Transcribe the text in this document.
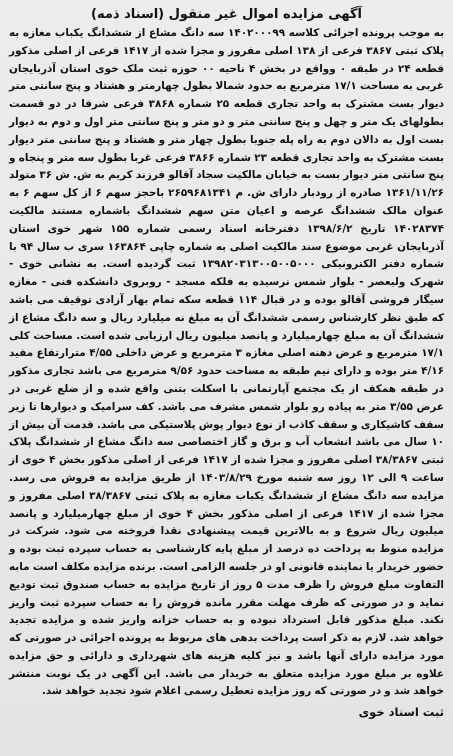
آگهی مزایده اموال غیر منقول (اسناد ذمه)

به موجب پرونده اجرائی کلاسه ۱۴۰۲۰۰۰۹۹ سه دانگ مشاع از ششدانگ یکباب مغازه به پلاک ثبتی ۳۸۶۷ فرعی از ۱۳۸ اصلی مفروز و مجزا شده از ۱۴۱۷ فرعی از اصلی مذکور قطعه ۲۴ در طبقه ۰ وواقع در بخش ۴ ناحیه ۰۰ حوزه ثبت ملک خوی استان آذربایجان غربی به مساحت ۱۷/۱ مترمربع به حدود شمالا بطول چهارمتر و هشتاد و پنج سانتی متر دیوار بست مشترک به واحد تجاری قطعه ۲۵ شماره ۳۸۶۸ فرعی شرقا در دو قسمت بطولهای یک متر و چهل و پنج سانتی متر و دو متر و پنج سانتی متر اول و دوم به دیوار بست اول به دالان دوم به راه پله جنوبا بطول چهار متر و هشتاد و پنج سانتی متر دیوار بست مشترک به واحد تجاری قطعه ۲۳ شماره ۳۸۶۶ فرعی غربا بطول سه متر و پنجاه و پنج سانتی متر دیوار بست به خیابان مالکیت سجاد آقالو فرزند کریم به ش. ش ۳۶ متولد ۱۳۶۱/۱۱/۲۶ صادره از رودبار دارای ش. م ۲۶۵۹۶۸۱۳۴۱ باحجز سهم ۶ از کل سهم ۶ به عنوان مالک ششدانگ عرصه و اعیان متن سهم ششدانگ باشماره مستند مالکیت ۱۴۰۲۸۳۷۴ تاریخ ۱۳۹۸/۶/۲ دفترخانه اسناد رسمی شماره ۱۵۵ شهر خوی استان آذربایجان غربی موضوع سند مالکیت اصلی به شماره چاپی ۱۶۳۸۶۴ سری ب سال ۹۴ با شماره دفتر الکترونیکی ۱۳۹۸۲۰۳۱۳۰۰۵۰۰۵۰۰۰ ثبت گردیده است. به نشانی خوی - شهرک ولیعصر - بلوار شمس نرسیده به فلکه مسجد - روبروی دانشکده فنی - مغازه سیگار فروشی آقالو بوده و در قبال ۱۱۴ قطعه سکه تمام بهار آزادی توقیف می باشد که طبق نظر کارشناس رسمی ششدانگ آن به مبلغ نه میلیارد ریال و سه دانگ مشاع از ششدانگ آن به مبلغ چهارمیلیارد و پانصد میلیون ریال ارزیابی شده است. مساحت کلی ۱۷/۱ مترمربع و عرض دهنه اصلی مغازه ۳ مترمربع و عرض داخلی ۴/۵۵ مترارتفاع مفید ۴/۱۶ متر بوده و دارای نیم طبقه به مساحت حدود ۹/۵۶ مترمربع می باشد تجاری مذکور در طبقه همکف از یک مجتمع آپارتمانی با اسکلت بتنی واقع شده و از ضلع غربی در عرض ۳/۵۵ متر به پیاده رو بلوار شمس مشرف می باشد. کف سرامیک و دیوارها تا زیر سقف کاشیکاری و سقف کاذب از نوع دیوار پوش پلاستیکی می باشد. قدمت آن بیش از ۱۰ سال می باشد انشعاب آب و برق و گاز اختصاصی سه دانگ مشاع از ششدانگ پلاک ثبتی ۳۸/۳۸۶۷ اصلی مفروز و مجزا شده از ۱۴۱۷ فرعی از اصلی مذکور بخش ۴ خوی از ساعت ۹ الی ۱۲ روز سه شنبه مورخ ۱۴۰۳/۸/۲۹ از طریق مزایده به فروش می رسد. مزایده سه دانگ مشاع از ششدانگ یکباب مغازه به پلاک ثبتی ۳۸/۳۸۶۷ اصلی مفروز و مجزا شده از ۱۴۱۷ فرعی از اصلی مذکور بخش ۴ خوی از مبلغ چهارمیلیارد و پانصد میلیون ریال شروع و به بالاترین قیمت پیشنهادی نقدا فروخته می شود. شرکت در مزایده منوط به پرداخت ده درصد از مبلغ پایه کارشناسی به حساب سپرده ثبت بوده و حضور خریدار یا نماینده قانونی او در جلسه الزامی است. برنده مزایده مکلف است مابه التفاوت مبلغ فروش را ظرف مدت ۵ روز از تاریخ مزایده به حساب صندوق ثبت تودیع نماید و در صورتی که ظرف مهلت مقرر مانده فروش را به حساب سپرده ثبت واریز نکند. مبلغ مذکور قابل استرداد نبوده و به حساب خزانه واریز شده و مزایده تجدید خواهد شد. لازم به ذکر است پرداخت بدهی های مربوط به پرونده اجرائی در صورتی که مورد مزایده دارای آنها باشد و نیز کلیه هزینه های شهرداری و دارائی و حق مزایده علاوه بر مبلغ مورد مزایده متعلق به خریدار می باشد. این آگهی در یک نوبت منتشر خواهد شد و در صورتی که روز مزایده تعطیل رسمی اعلام شود تجدید خواهد شد.

ثبت اسناد خوی
